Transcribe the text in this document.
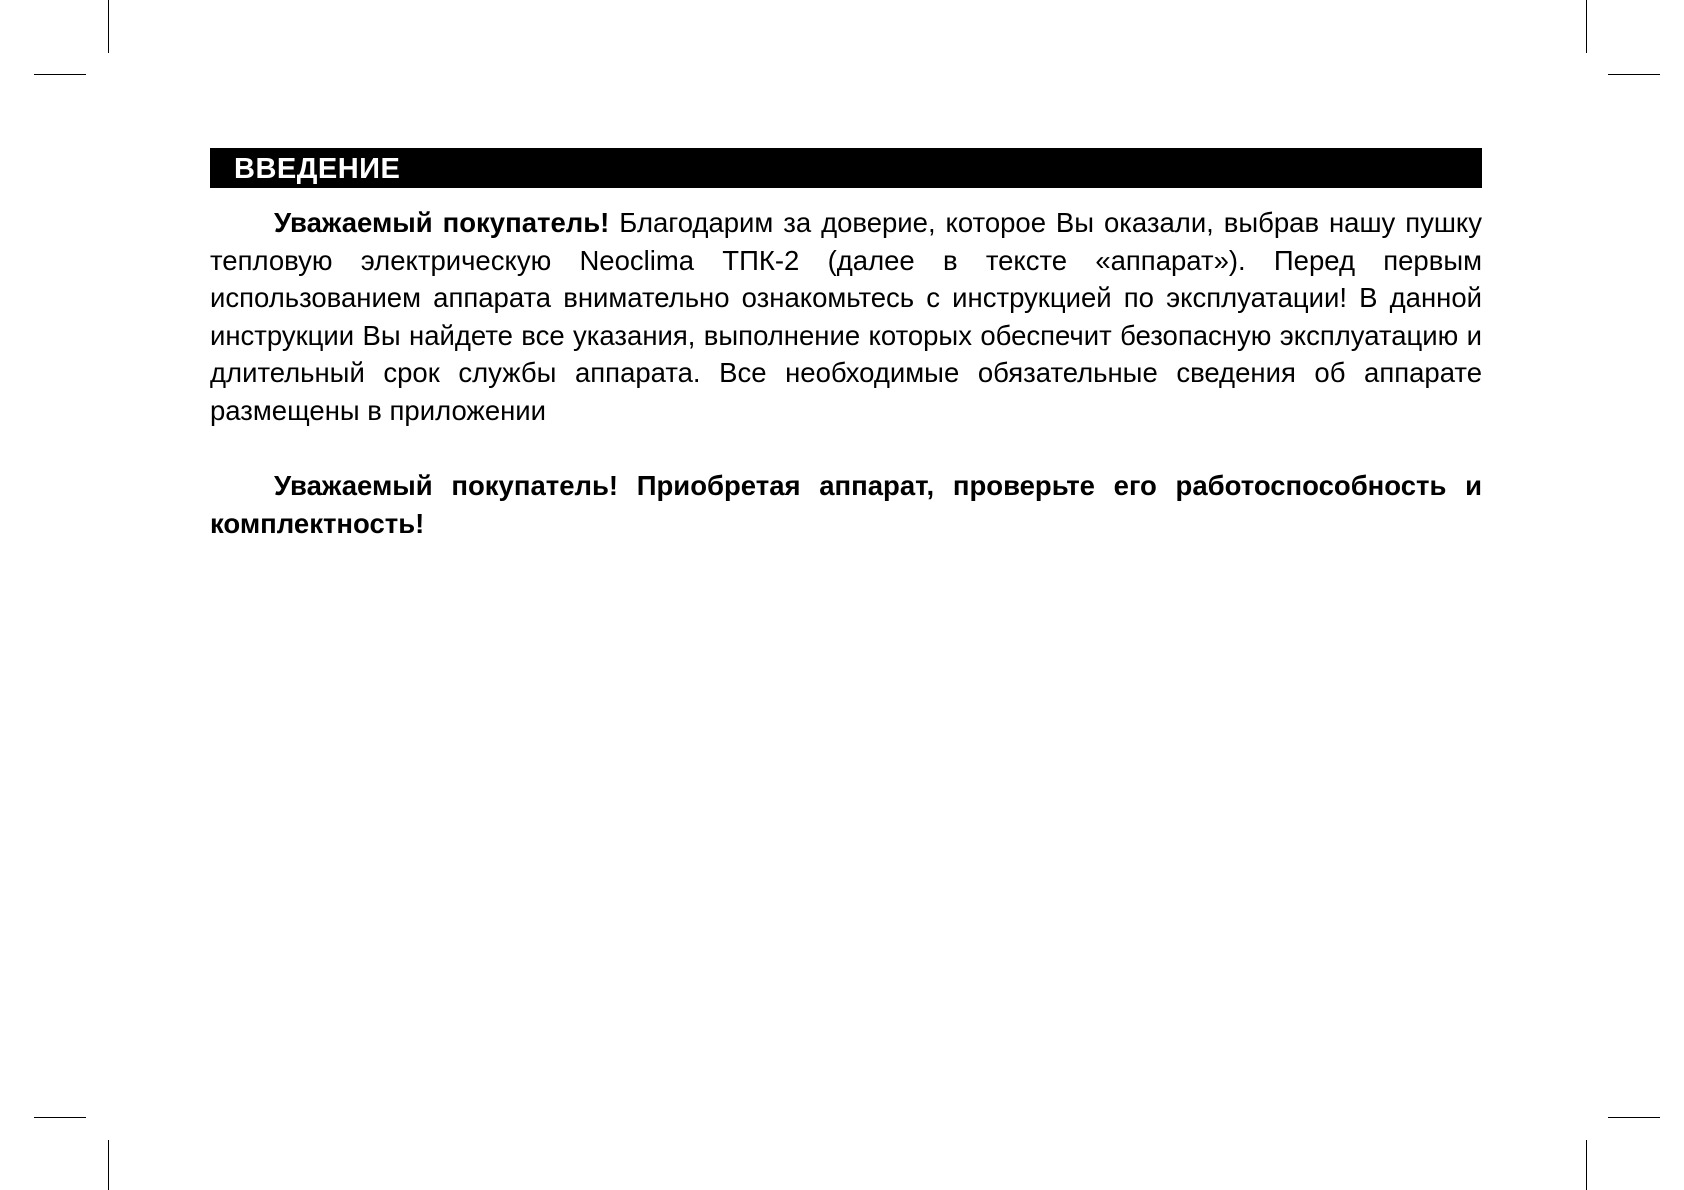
ВВЕДЕНИЕ

Уважаемый покупатель! Благодарим за доверие, которое Вы оказали, выбрав нашу пушку тепловую электрическую Neoclima ТПК-2 (далее в тексте «аппарат»). Перед первым использованием аппарата внимательно ознакомьтесь с инструкцией по эксплуатации! В данной инструкции Вы найдете все указания, выполнение которых обеспечит безопасную эксплуатацию и длительный срок службы аппарата. Все необходимые обязательные сведения об аппарате размещены в приложении

Уважаемый покупатель! Приобретая аппарат, проверьте его работоспособность и комплектность!
